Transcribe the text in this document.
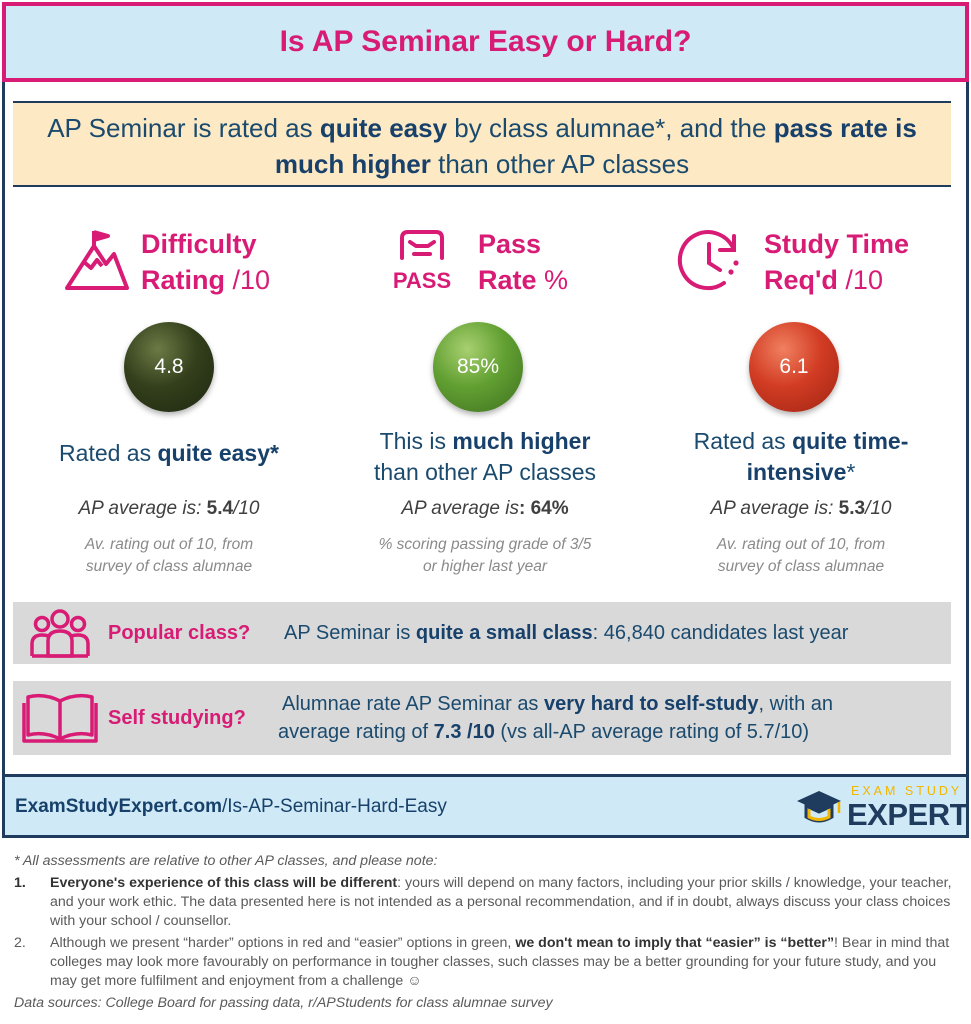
Is AP Seminar Easy or Hard?
AP Seminar is rated as quite easy by class alumnae*, and the pass rate is much higher than other AP classes
Difficulty
Rating /10
4.8
Rated as quite easy*
AP average is: 5.4/10
Av. rating out of 10, from
survey of class alumnae
PASS
Pass
Rate %
85%
This is much higher
than other AP classes
AP average is: 64%
% scoring passing grade of 3/5
or higher last year
Study Time
Req'd /10
6.1
Rated as quite time-
intensive*
AP average is: 5.3/10
Av. rating out of 10, from
survey of class alumnae
Popular class? AP Seminar is quite a small class: 46,840 candidates last year
Self studying?
Alumnae rate AP Seminar as very hard to self-study, with an
average rating of 7.3 /10 (vs all-AP average rating of 5.7/10)
ExamStudyExpert.com/Is-AP-Seminar-Hard-Easy
EXAM STUDY
EXPERT
* All assessments are relative to other AP classes, and please note:
1.	Everyone's experience of this class will be different: yours will depend on many factors, including your prior skills / knowledge, your teacher, and your work ethic. The data presented here is not intended as a personal recommendation, and if in doubt, always discuss your class choices with your school / counsellor.
2.	Although we present “harder” options in red and “easier” options in green, we don't mean to imply that “easier” is “better”! Bear in mind that colleges may look more favourably on performance in tougher classes, such classes may be a better grounding for your future study, and you may get more fulfilment and enjoyment from a challenge ☺
Data sources: College Board for passing data, r/APStudents for class alumnae survey
